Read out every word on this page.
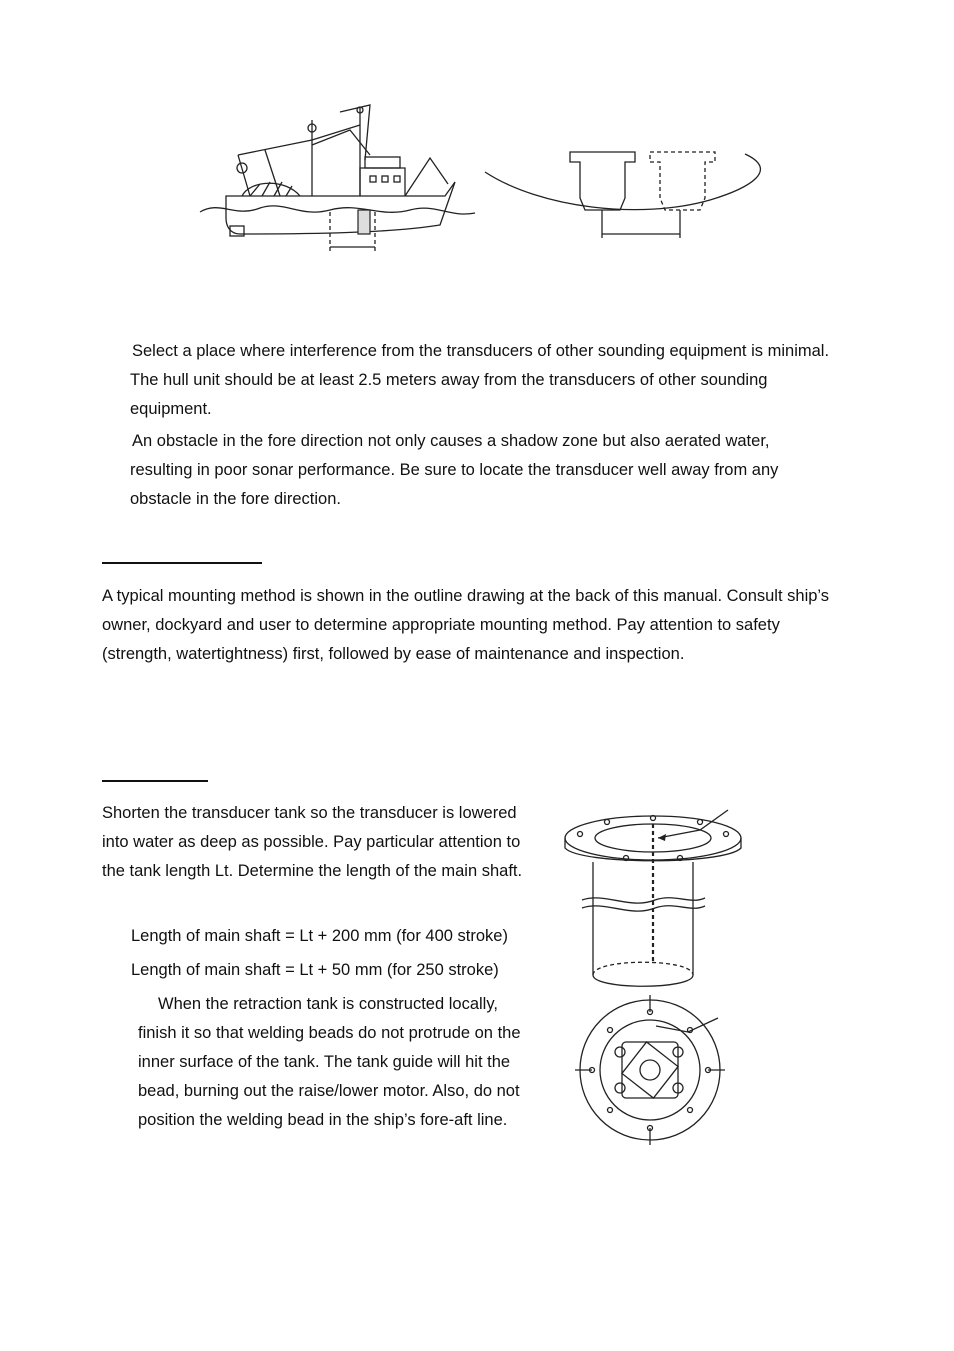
Select a place where interference from the transducers of other sounding equipment is minimal. The hull unit should be at least 2.5 meters away from the transducers of other sounding equipment.
An obstacle in the fore direction not only causes a shadow zone but also aerated water, resulting in poor sonar performance. Be sure to locate the transducer well away from any obstacle in the fore direction.
A typical mounting method is shown in the outline drawing at the back of this manual. Consult ship’s owner, dockyard and user to determine appropriate mounting method. Pay attention to safety (strength, watertightness) first, followed by ease of maintenance and inspection.
Shorten the transducer tank so the transducer is lowered into water as deep as possible. Pay particular attention to the tank length Lt. Determine the length of the main shaft.
Length of main shaft = Lt + 200 mm (for 400 stroke)
Length of main shaft = Lt + 50 mm (for 250 stroke)
When the retraction tank is constructed locally, finish it so that welding beads do not protrude on the inner surface of the tank. The tank guide will hit the bead, burning out the raise/lower motor. Also, do not position the welding bead in the ship’s fore-aft line.
